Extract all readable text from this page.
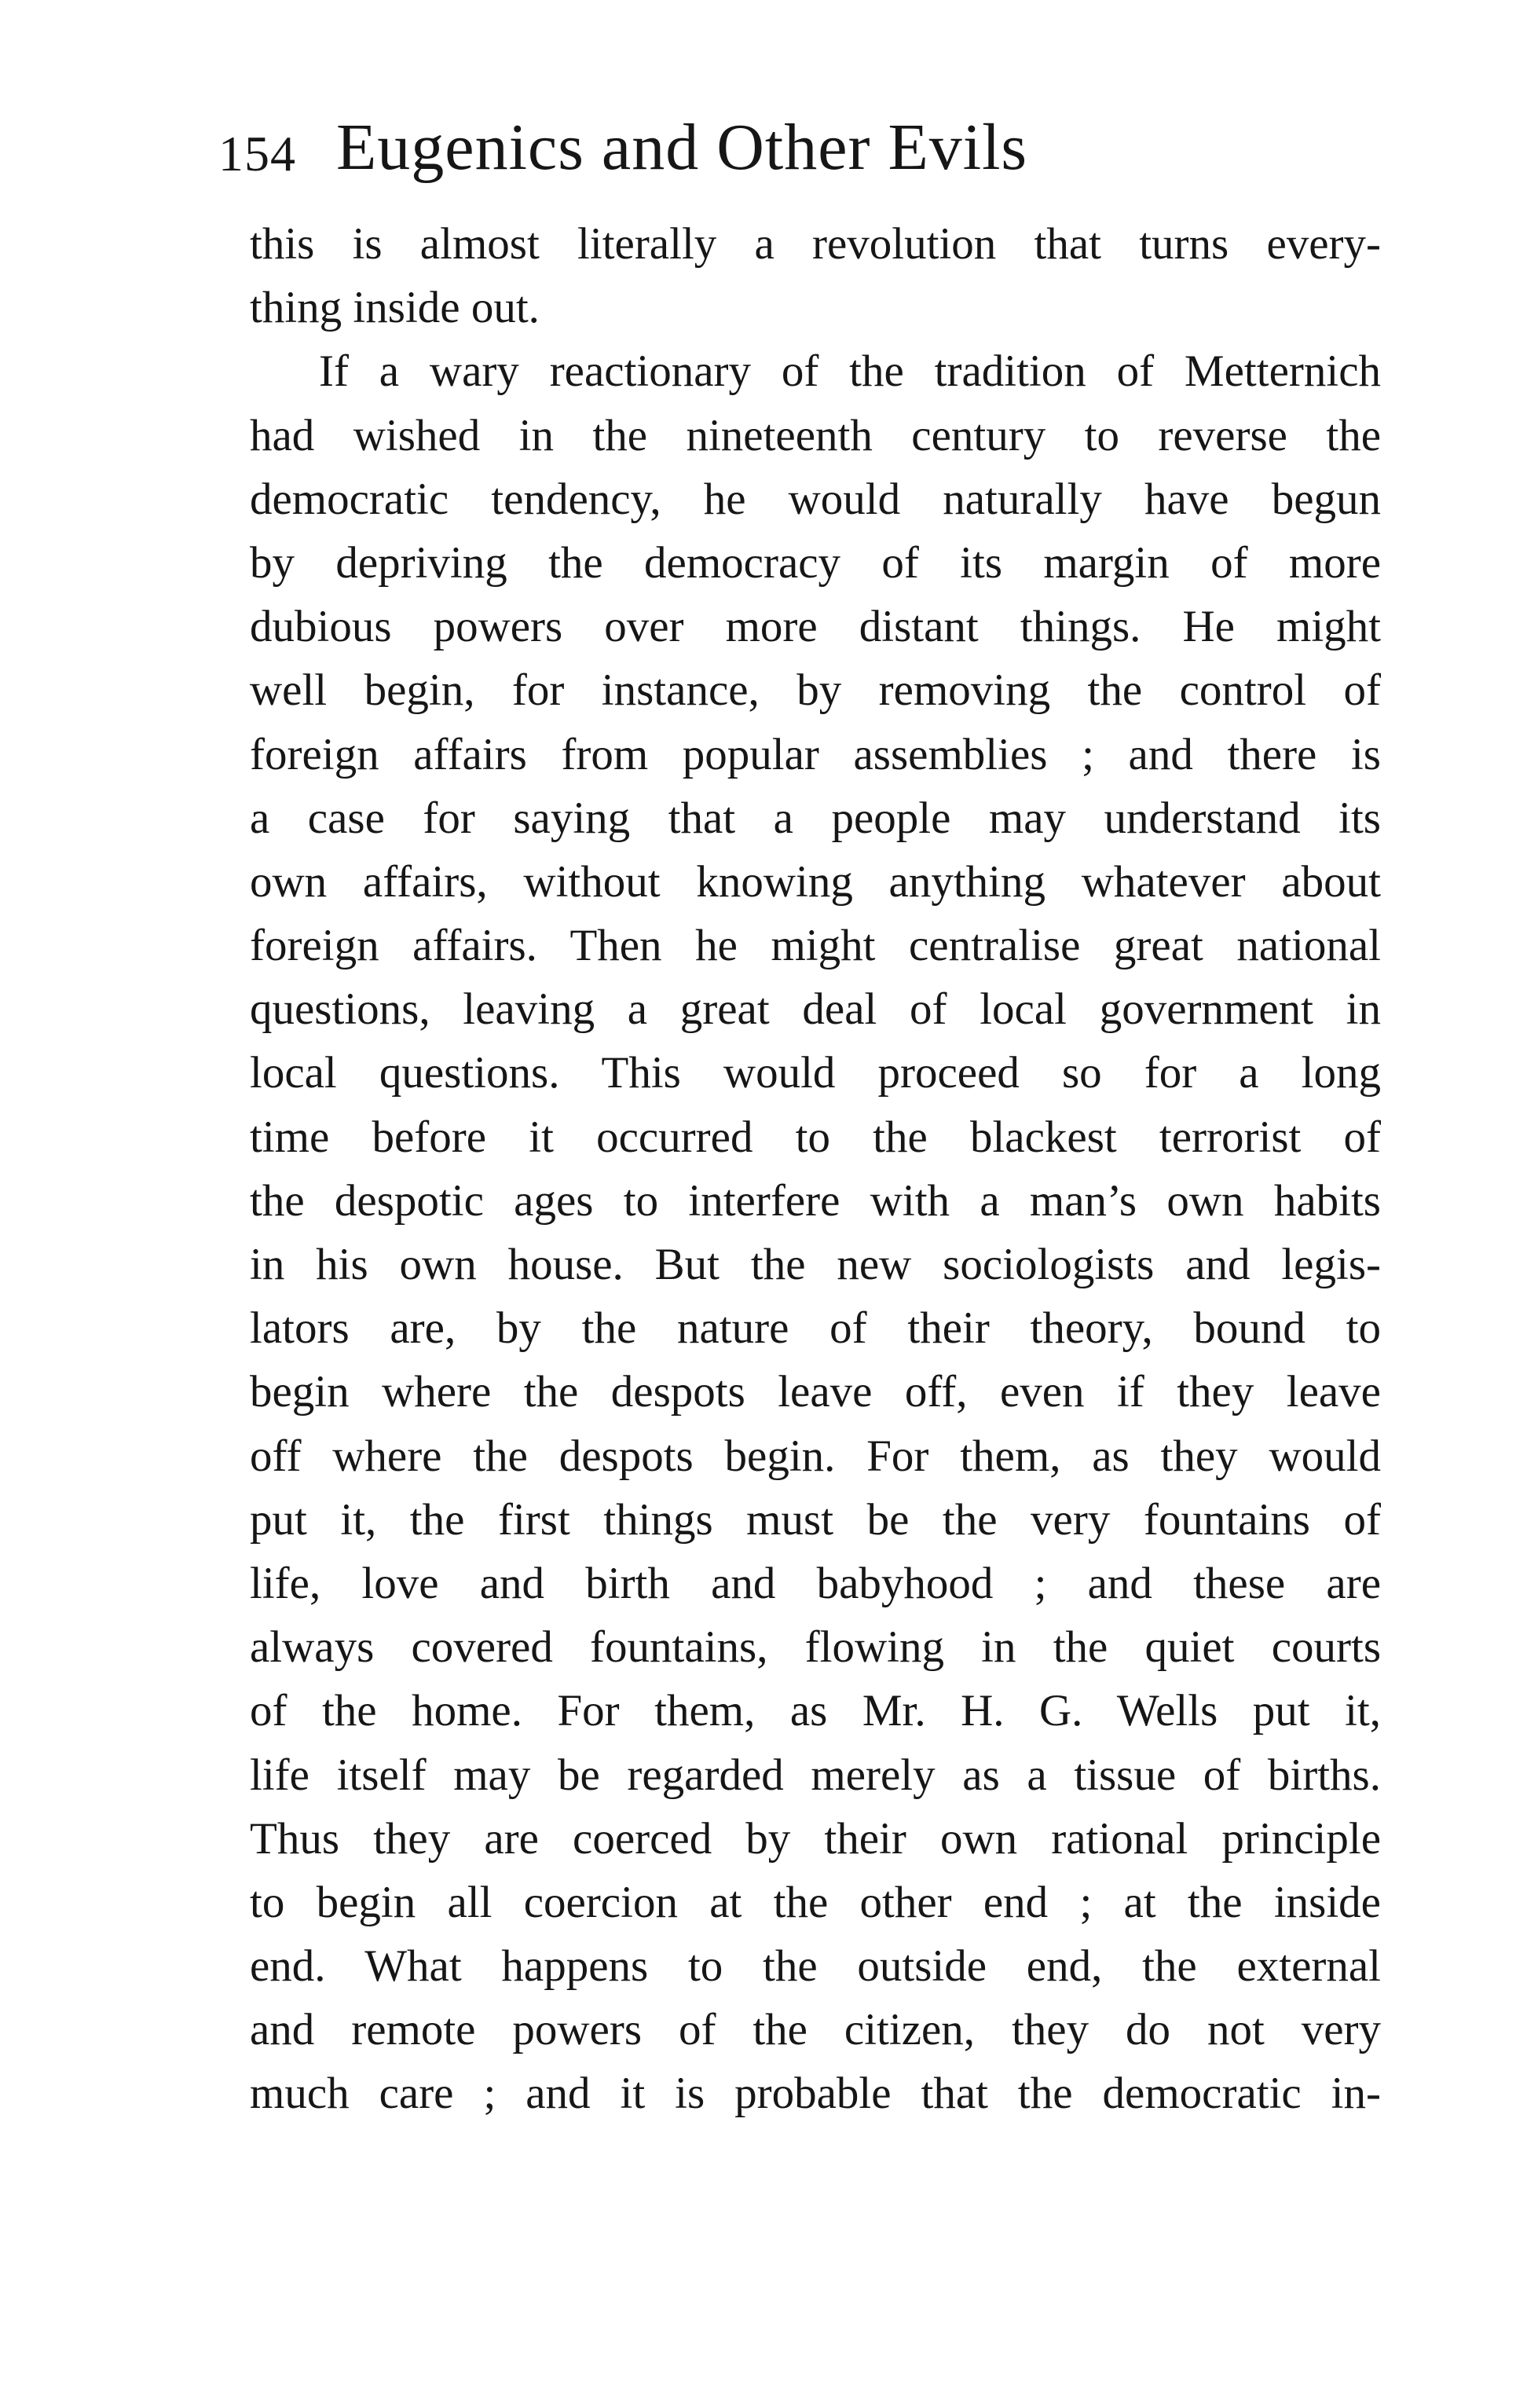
154 Eugenics and Other Evils
this is almost literally a revolution that turns every-
thing inside out.
If a wary reactionary of the tradition of Metternich
had wished in the nineteenth century to reverse the
democratic tendency, he would naturally have begun
by depriving the democracy of its margin of more
dubious powers over more distant things. He might
well begin, for instance, by removing the control of
foreign affairs from popular assemblies ; and there is
a case for saying that a people may understand its
own affairs, without knowing anything whatever about
foreign affairs. Then he might centralise great national
questions, leaving a great deal of local government in
local questions. This would proceed so for a long
time before it occurred to the blackest terrorist of
the despotic ages to interfere with a man’s own habits
in his own house. But the new sociologists and legis-
lators are, by the nature of their theory, bound to
begin where the despots leave off, even if they leave
off where the despots begin. For them, as they would
put it, the first things must be the very fountains of
life, love and birth and babyhood ; and these are
always covered fountains, flowing in the quiet courts
of the home. For them, as Mr. H. G. Wells put it,
life itself may be regarded merely as a tissue of births.
Thus they are coerced by their own rational principle
to begin all coercion at the other end ; at the inside
end. What happens to the outside end, the external
and remote powers of the citizen, they do not very
much care ; and it is probable that the democratic in-
